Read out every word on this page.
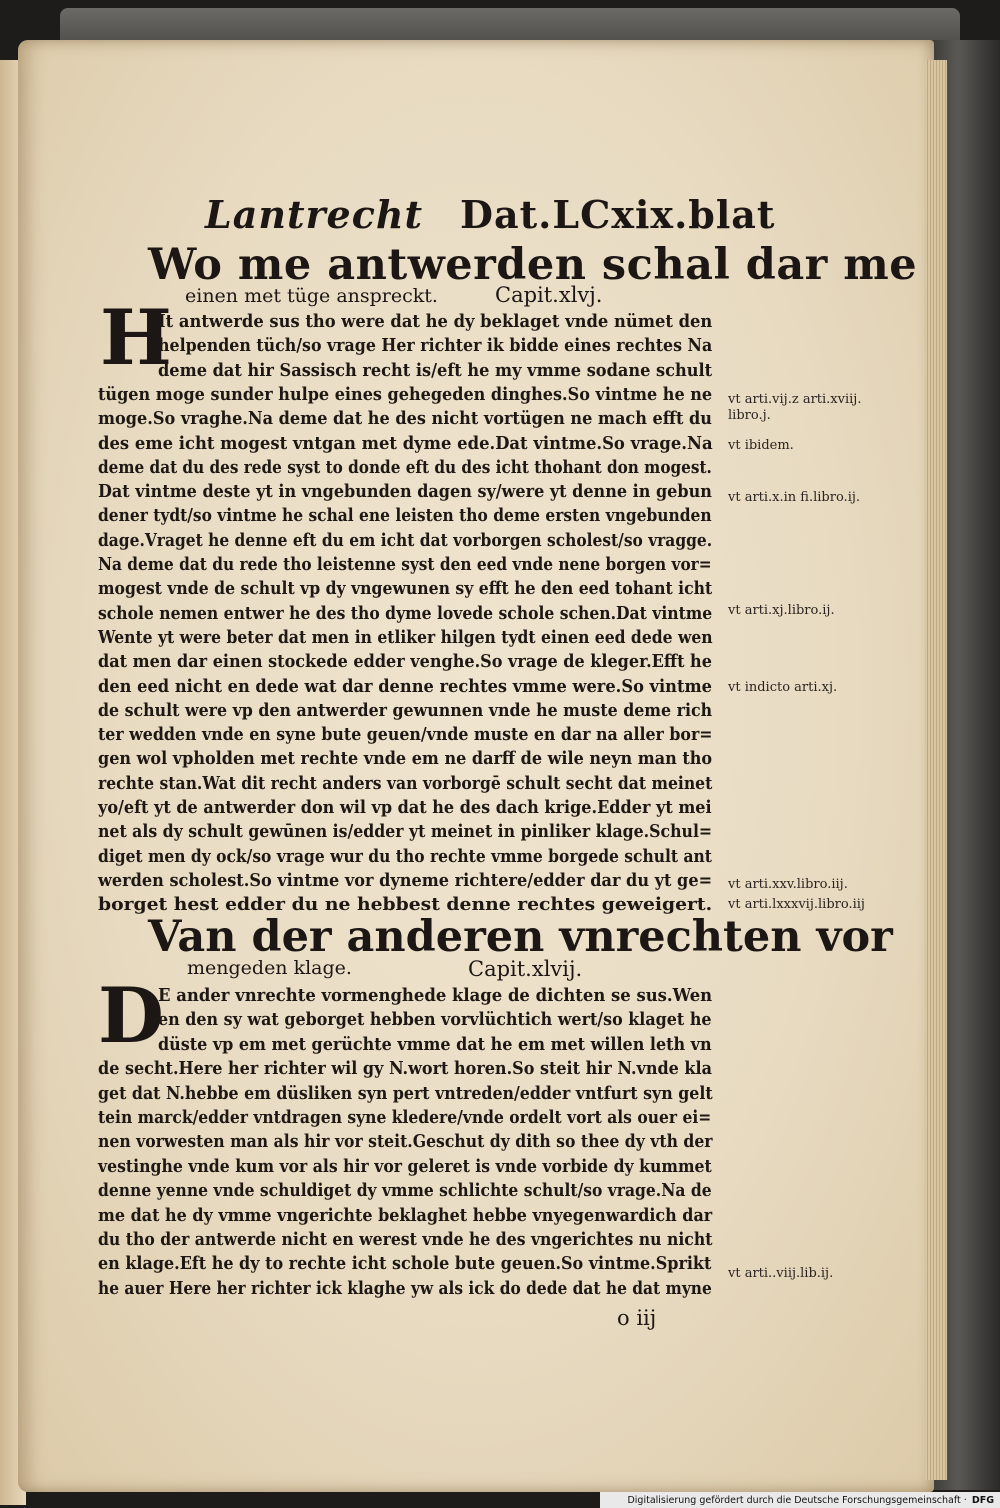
Lantrecht Dat.LCxix.blat
Wo me antwerden schal dar me
einen met tüge anspreckt.	Capit.xlvj.
H
It antwerde sus tho were dat he dy beklaget vnde nümet den
helpenden tüch/so vrage Her richter ik bidde eines rechtes Na
deme dat hir Sassisch recht is/eft he my vmme sodane schult
tügen moge sunder hulpe eines gehegeden dinghes.So vintme he ne
moge.So vraghe.Na deme dat he des nicht vortügen ne mach efft du
des eme icht mogest vntgan met dyme ede.Dat vintme.So vrage.Na
deme dat du des rede syst to donde eft du des icht thohant don mogest.
Dat vintme deste yt in vngebunden dagen sy/were yt denne in gebun
dener tydt/so vintme he schal ene leisten tho deme ersten vngebunden
dage.Vraget he denne eft du em icht dat vorborgen scholest/so vragge.
Na deme dat du rede tho leistenne syst den eed vnde nene borgen vor=
mogest vnde de schult vp dy vngewunen sy efft he den eed tohant icht
schole nemen entwer he des tho dyme lovede schole schen.Dat vintme
Wente yt were beter dat men in etliker hilgen tydt einen eed dede wen
dat men dar einen stockede edder venghe.So vrage de kleger.Efft he
den eed nicht en dede wat dar denne rechtes vmme were.So vintme
de schult were vp den antwerder gewunnen vnde he muste deme rich
ter wedden vnde en syne bute geuen/vnde muste en dar na aller bor=
gen wol vpholden met rechte vnde em ne darff de wile neyn man tho
rechte stan.Wat dit recht anders van vorborgē schult secht dat meinet
yo/eft yt de antwerder don wil vp dat he des dach krige.Edder yt mei
net als dy schult gewūnen is/edder yt meinet in pinliker klage.Schul=
diget men dy ock/so vrage wur du tho rechte vmme borgede schult ant
werden scholest.So vintme vor dyneme richtere/edder dar du yt ge=
borget hest edder du ne hebbest denne rechtes geweigert.
Van der anderen vnrechten vor
mengeden klage.	Capit.xlvij.
D
E ander vnrechte vormenghede klage de dichten se sus.Wen
en den sy wat geborget hebben vorvlüchtich wert/so klaget he
düste vp em met gerüchte vmme dat he em met willen leth vn
de secht.Here her richter wil gy N.wort horen.So steit hir N.vnde kla
get dat N.hebbe em düsliken syn pert vntreden/edder vntfurt syn gelt
tein marck/edder vntdragen syne kledere/vnde ordelt vort als ouer ei=
nen vorwesten man als hir vor steit.Geschut dy dith so thee dy vth der
vestinghe vnde kum vor als hir vor geleret is vnde vorbide dy kummet
denne yenne vnde schuldiget dy vmme schlichte schult/so vrage.Na de
me dat he dy vmme vngerichte beklaghet hebbe vnyegenwardich dar
du tho der antwerde nicht en werest vnde he des vngerichtes nu nicht
en klage.Eft he dy to rechte icht schole bute geuen.So vintme.Sprikt
he auer Here her richter ick klaghe yw als ick do dede dat he dat myne
vt arti.vij.z arti.xviij.
libro.j.
vt ibidem.
vt arti.x.in fi.libro.ij.
vt arti.xj.libro.ij.
vt indicto arti.xj.
vt arti.xxv.libro.iij.
vt arti.lxxxvij.libro.iij
vt arti..viij.lib.ij.
o iij
Digitalisierung gefördert durch die Deutsche Forschungsgemeinschaft · DFG
